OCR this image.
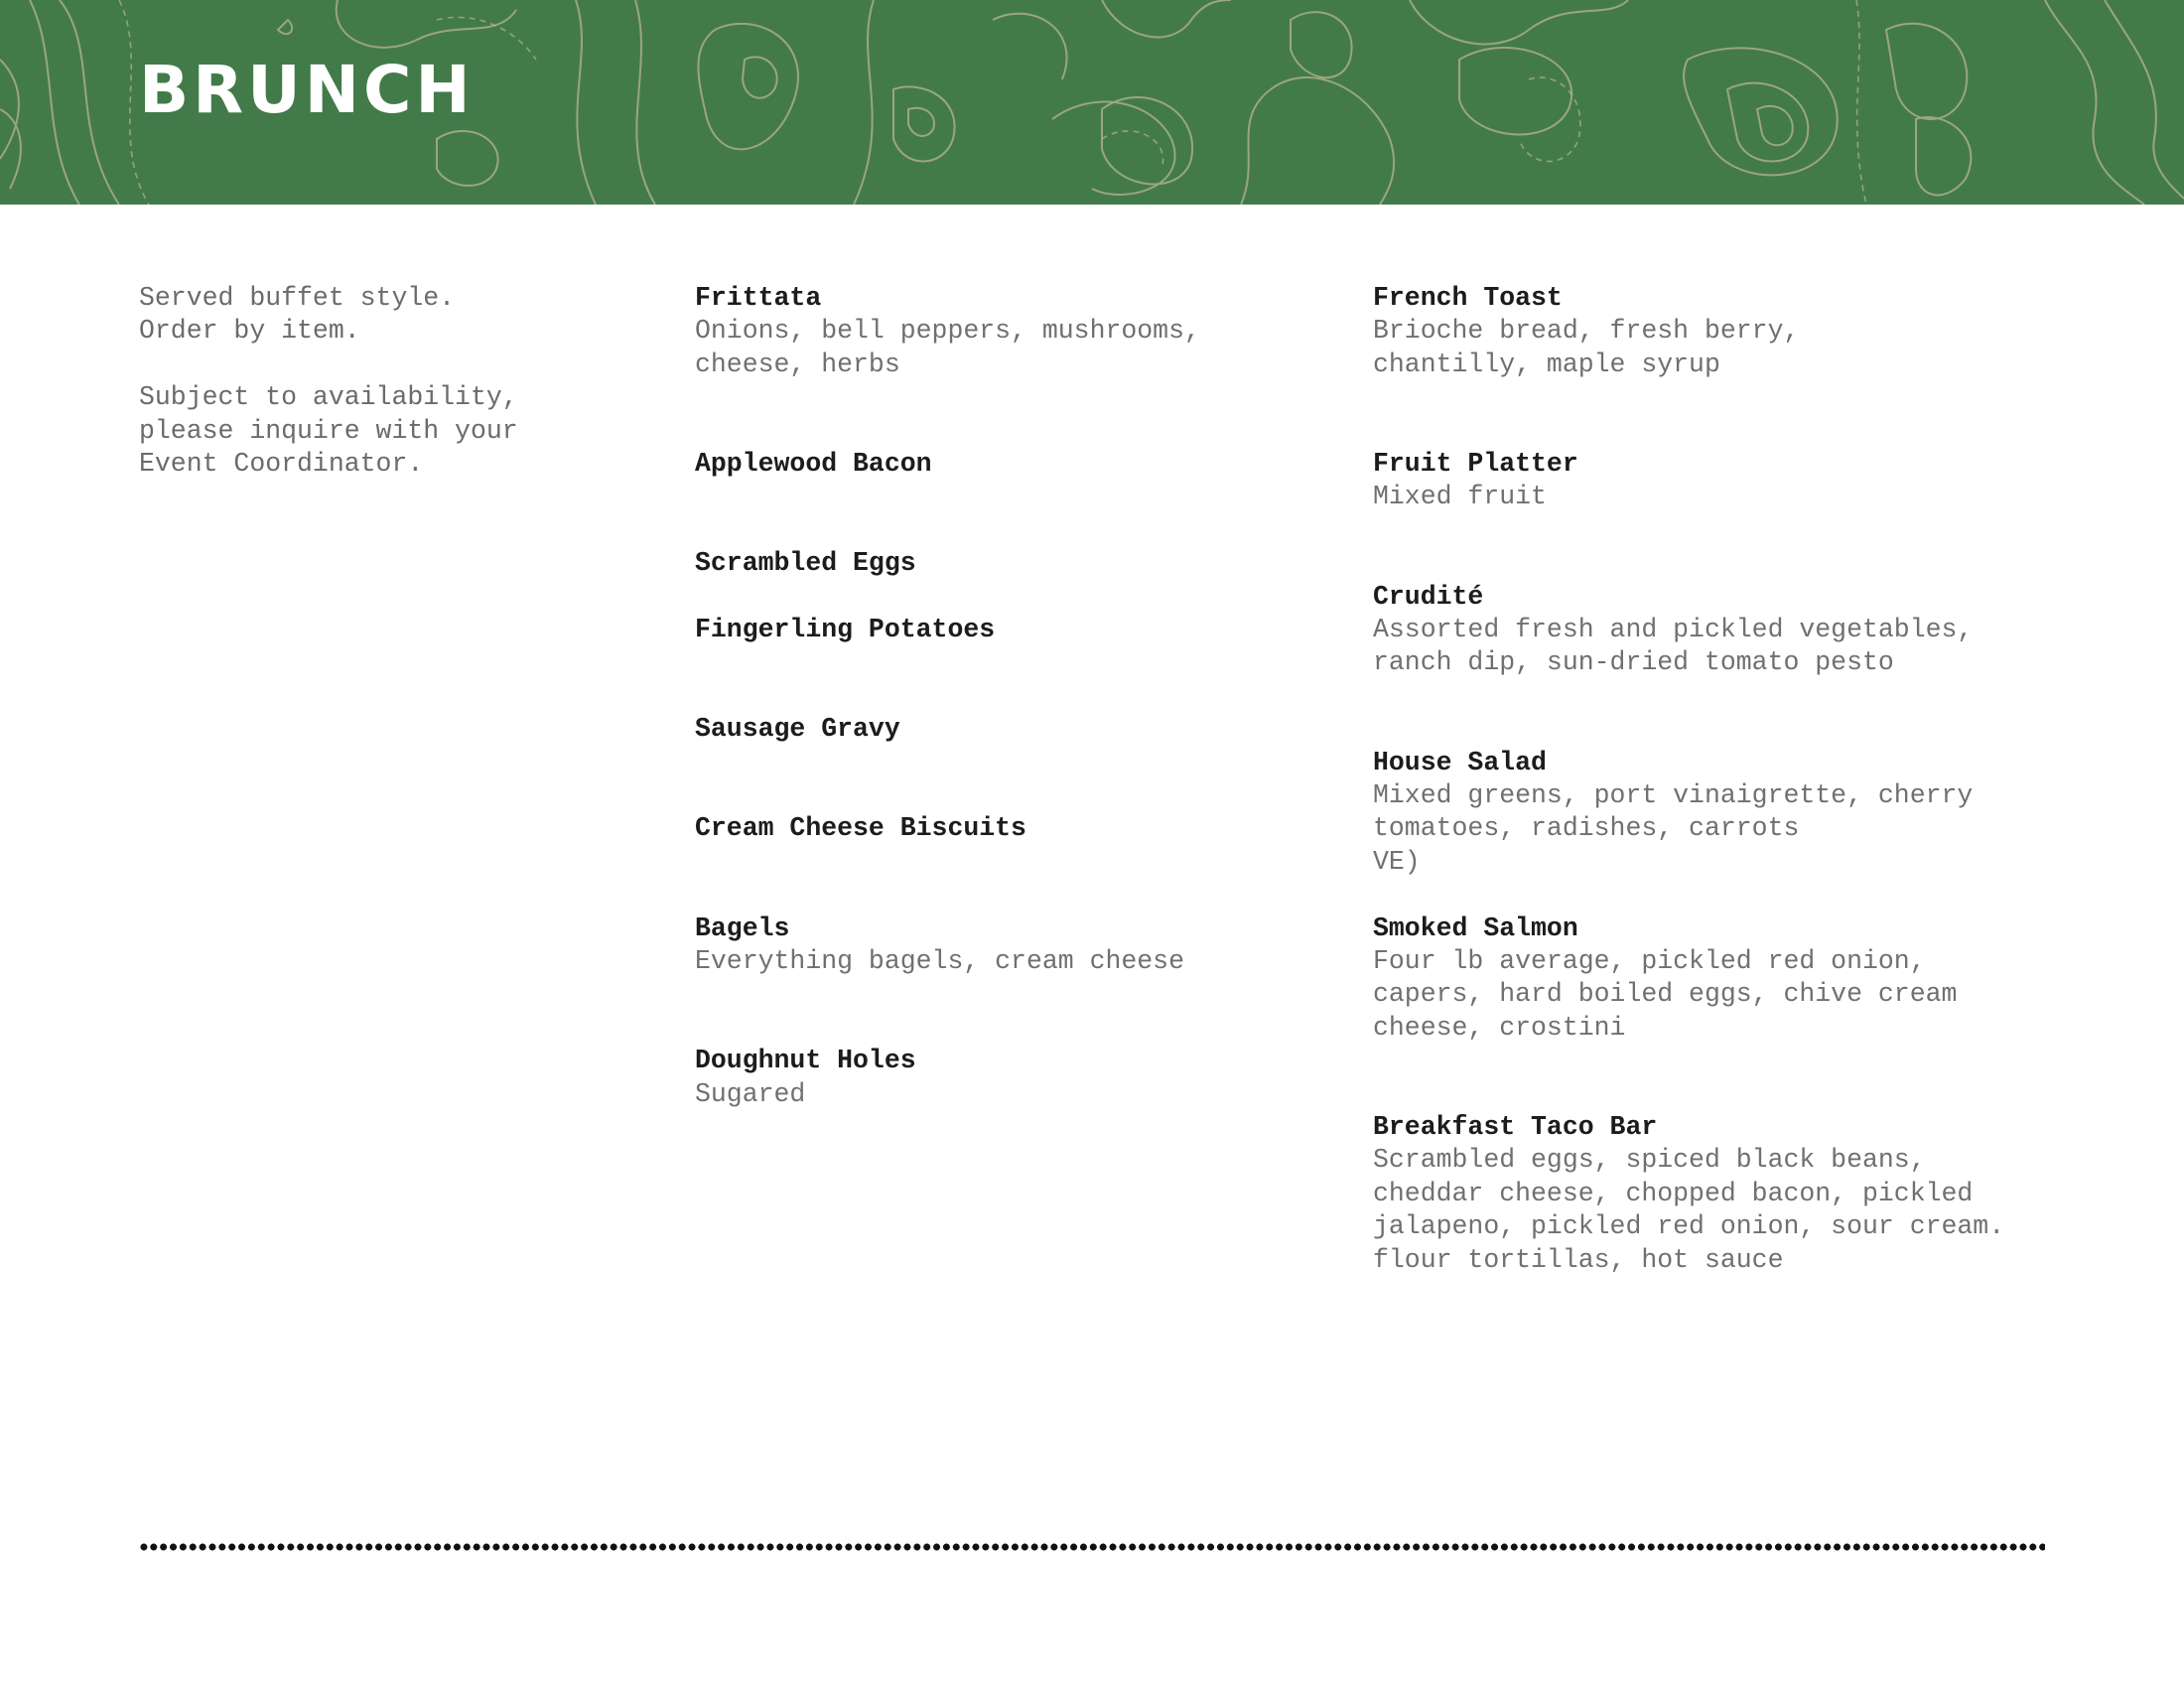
BRUNCH

Served buffet style.
Order by item.

Subject to availability,
please inquire with your
Event Coordinator.

Frittata
Onions, bell peppers, mushrooms,
cheese, herbs
Applewood Bacon
Scrambled Eggs
Fingerling Potatoes
Sausage Gravy
Cream Cheese Biscuits
Bagels
Everything bagels, cream cheese
Doughnut Holes
Sugared
French Toast
Brioche bread, fresh berry,
chantilly, maple syrup
Fruit Platter
Mixed fruit
Crudité
Assorted fresh and pickled vegetables,
ranch dip, sun-dried tomato pesto
House Salad
Mixed greens, port vinaigrette, cherry
tomatoes, radishes, carrots
VE)
Smoked Salmon
Four lb average, pickled red onion,
capers, hard boiled eggs, chive cream
cheese, crostini
Breakfast Taco Bar
Scrambled eggs, spiced black beans,
cheddar cheese, chopped bacon, pickled
jalapeno, pickled red onion, sour cream.
flour tortillas, hot sauce
